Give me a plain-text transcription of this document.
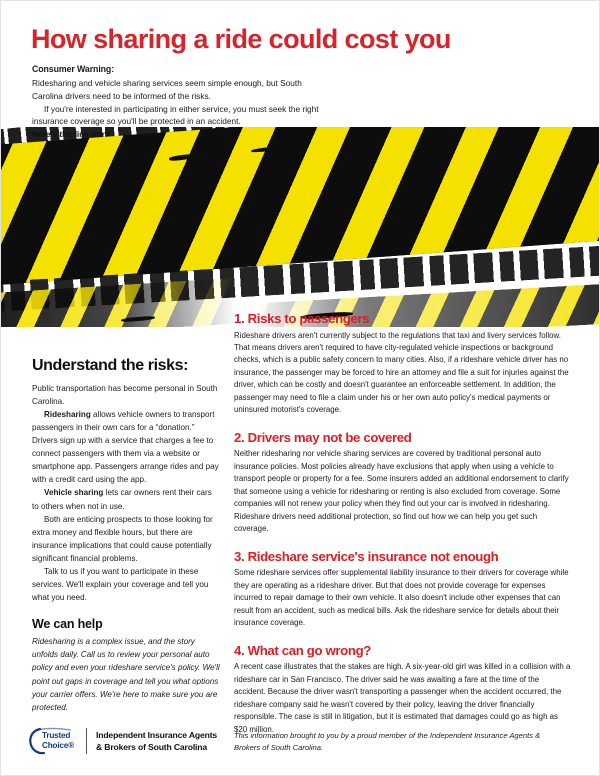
How sharing a ride could cost you
Consumer Warning:

Ridesharing and vehicle sharing services seem simple enough, but South Carolina drivers need to be informed of the risks.

If you're interested in participating in either service, you must seek the right insurance coverage so you'll be protected in an accident.

Understand the risks:

Public transportation has become personal in South Carolina.

Ridesharing allows vehicle owners to transport passengers in their own cars for a “donation.” Drivers sign up with a service that charges a fee to connect passengers with them via a website or smartphone app. Passengers arrange rides and pay with a credit card using the app.

Vehicle sharing lets car owners rent their cars to others when not in use.

Both are enticing prospects to those looking for extra money and flexible hours, but there are insurance implications that could cause potentially significant financial problems.

Talk to us if you want to participate in these services. We'll explain your coverage and tell you what you need.

We can help

Ridesharing is a complex issue, and the story unfolds daily. Call us to review your personal auto policy and even your rideshare service's policy. We'll point out gaps in coverage and tell you what options your carrier offers. We're here to make sure you are protected.

1. Risks to passengers

Rideshare drivers aren't currently subject to the regulations that taxi and livery services follow. That means drivers aren't required to have city-regulated vehicle inspections or background checks, which is a public safety concern to many cities. Also, if a rideshare vehicle driver has no insurance, the passenger may be forced to hire an attorney and file a suit for injuries against the driver, which can be costly and doesn't guarantee an enforceable settlement. In addition, the passenger may need to file a claim under his or her own auto policy's medical payments or uninsured motorist's coverage.

2. Drivers may not be covered

Neither ridesharing nor vehicle sharing services are covered by traditional personal auto insurance policies. Most policies already have exclusions that apply when using a vehicle to transport people or property for a fee. Some insurers added an additional endorsement to clarify that someone using a vehicle for ridesharing or renting is also excluded from coverage. Some companies will not renew your policy when they find out your car is involved in ridesharing. Rideshare drivers need additional protection, so find out how we can help you get such coverage.

3. Rideshare service's insurance not enough

Some rideshare services offer supplemental liability insurance to their drivers for coverage while they are operating as a rideshare driver. But that does not provide coverage for expenses incurred to repair damage to their own vehicle. It also doesn't include other expenses that can result from an accident, such as medical bills. Ask the rideshare service for details about their insurance coverage.

4. What can go wrong?

A recent case illustrates that the stakes are high. A six-year-old girl was killed in a collision with a rideshare car in San Francisco. The driver said he was awaiting a fare at the time of the accident. Because the driver wasn't transporting a passenger when the accident occurred, the rideshare company said he wasn't covered by their policy, leaving the driver financially responsible. The case is still in litigation, but it is estimated that damages could go as high as $20 million.

Trusted
Choice®
Independent Insurance Agents
& Brokers of South Carolina
This information brought to you by a proud member of the Independent Insurance Agents & Brokers of South Carolina.
